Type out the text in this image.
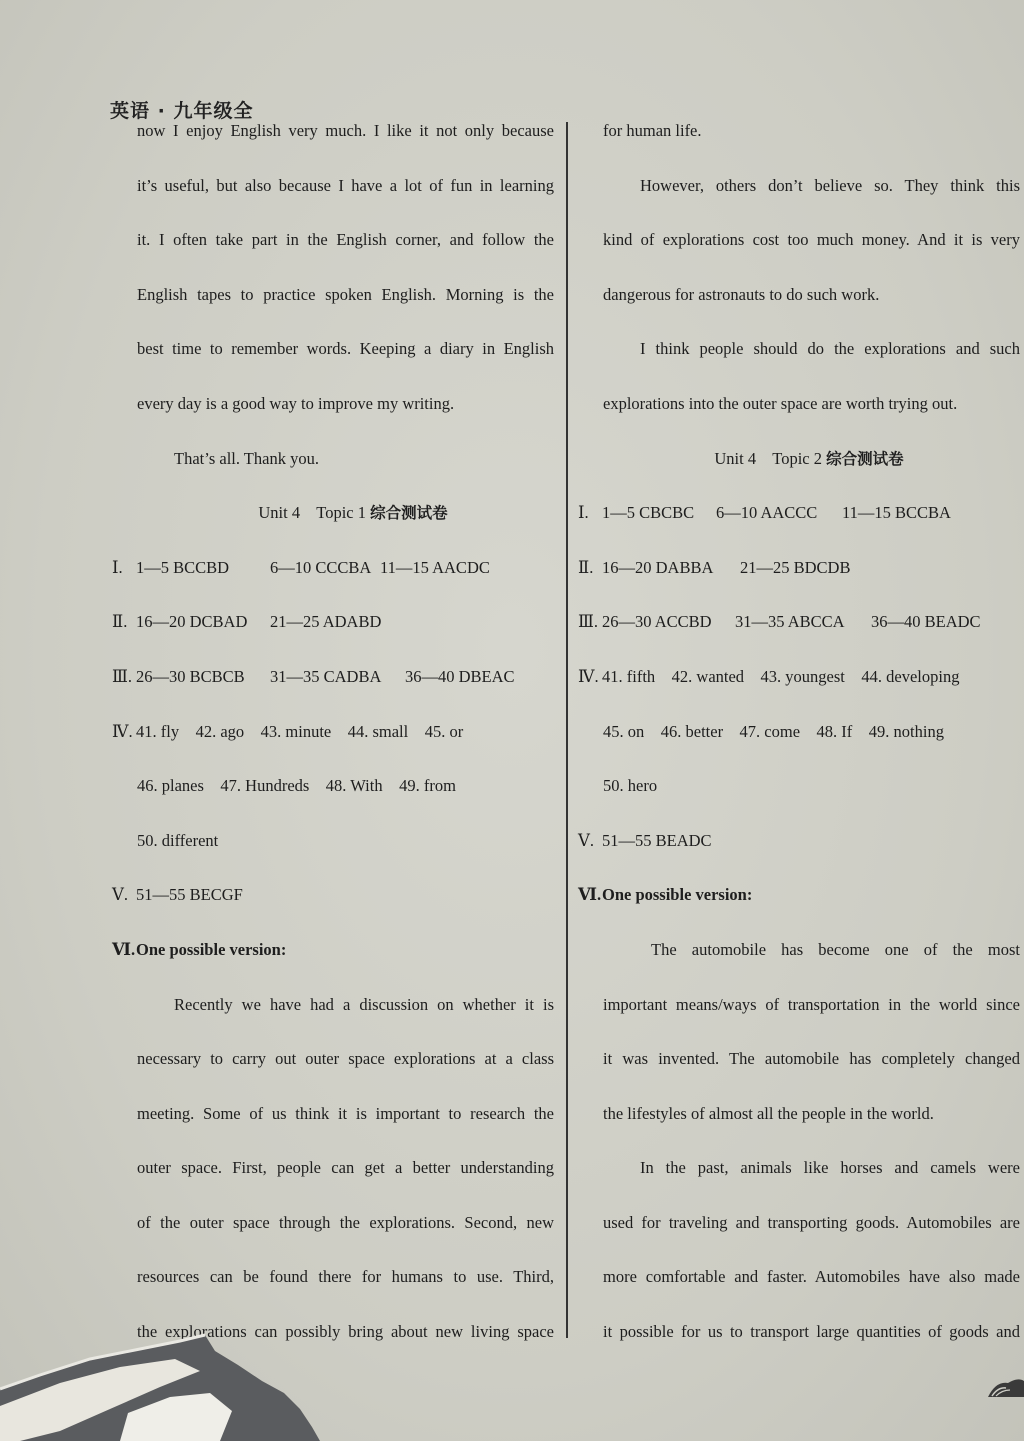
英语 · 九年级全
now I enjoy English very much. I like it not only because
it’s useful, but also because I have a lot of fun in learning
it. I often take part in the English corner, and follow the
English tapes to practice spoken English. Morning is the
best time to remember words. Keeping a diary in English
every day is a good way to improve my writing.
That’s all. Thank you.
Unit 4    Topic 1 综合测试卷
Ⅰ. 1—5 BCCBD 6—10 CCCBA 11—15 AACDC
Ⅱ. 16—20 DCBAD 21—25 ADABD
Ⅲ. 26—30 BCBCB 31—35 CADBA 36—40 DBEAC
Ⅳ. 41. fly    42. ago    43. minute    44. small    45. or
46. planes    47. Hundreds    48. With    49. from
50. different
Ⅴ. 51—55 BECGF
Ⅵ.One possible version:
Recently we have had a discussion on whether it is
necessary to carry out outer space explorations at a class
meeting. Some of us think it is important to research the
outer space. First, people can get a better understanding
of the outer space through the explorations. Second, new
resources can be found there for humans to use. Third,
the explorations can possibly bring about new living space
for human life.
However, others don’t believe so. They think this
kind of explorations cost too much money. And it is very
dangerous for astronauts to do such work.
I think people should do the explorations and such
explorations into the outer space are worth trying out.
Unit 4    Topic 2 综合测试卷
Ⅰ. 1—5 CBCBC 6—10 AACCC 11—15 BCCBA
Ⅱ. 16—20 DABBA 21—25 BDCDB
Ⅲ. 26—30 ACCBD 31—35 ABCCA 36—40 BEADC
Ⅳ. 41. fifth    42. wanted    43. youngest    44. developing
45. on    46. better    47. come    48. If    49. nothing
50. hero
Ⅴ. 51—55 BEADC
Ⅵ.One possible version:
The automobile has become one of the most
important means/ways of transportation in the world since
it was invented. The automobile has completely changed
the lifestyles of almost all the people in the world.
In the past, animals like horses and camels were
used for traveling and transporting goods. Automobiles are
more comfortable and faster. Automobiles have also made
it possible for us to transport large quantities of goods and
